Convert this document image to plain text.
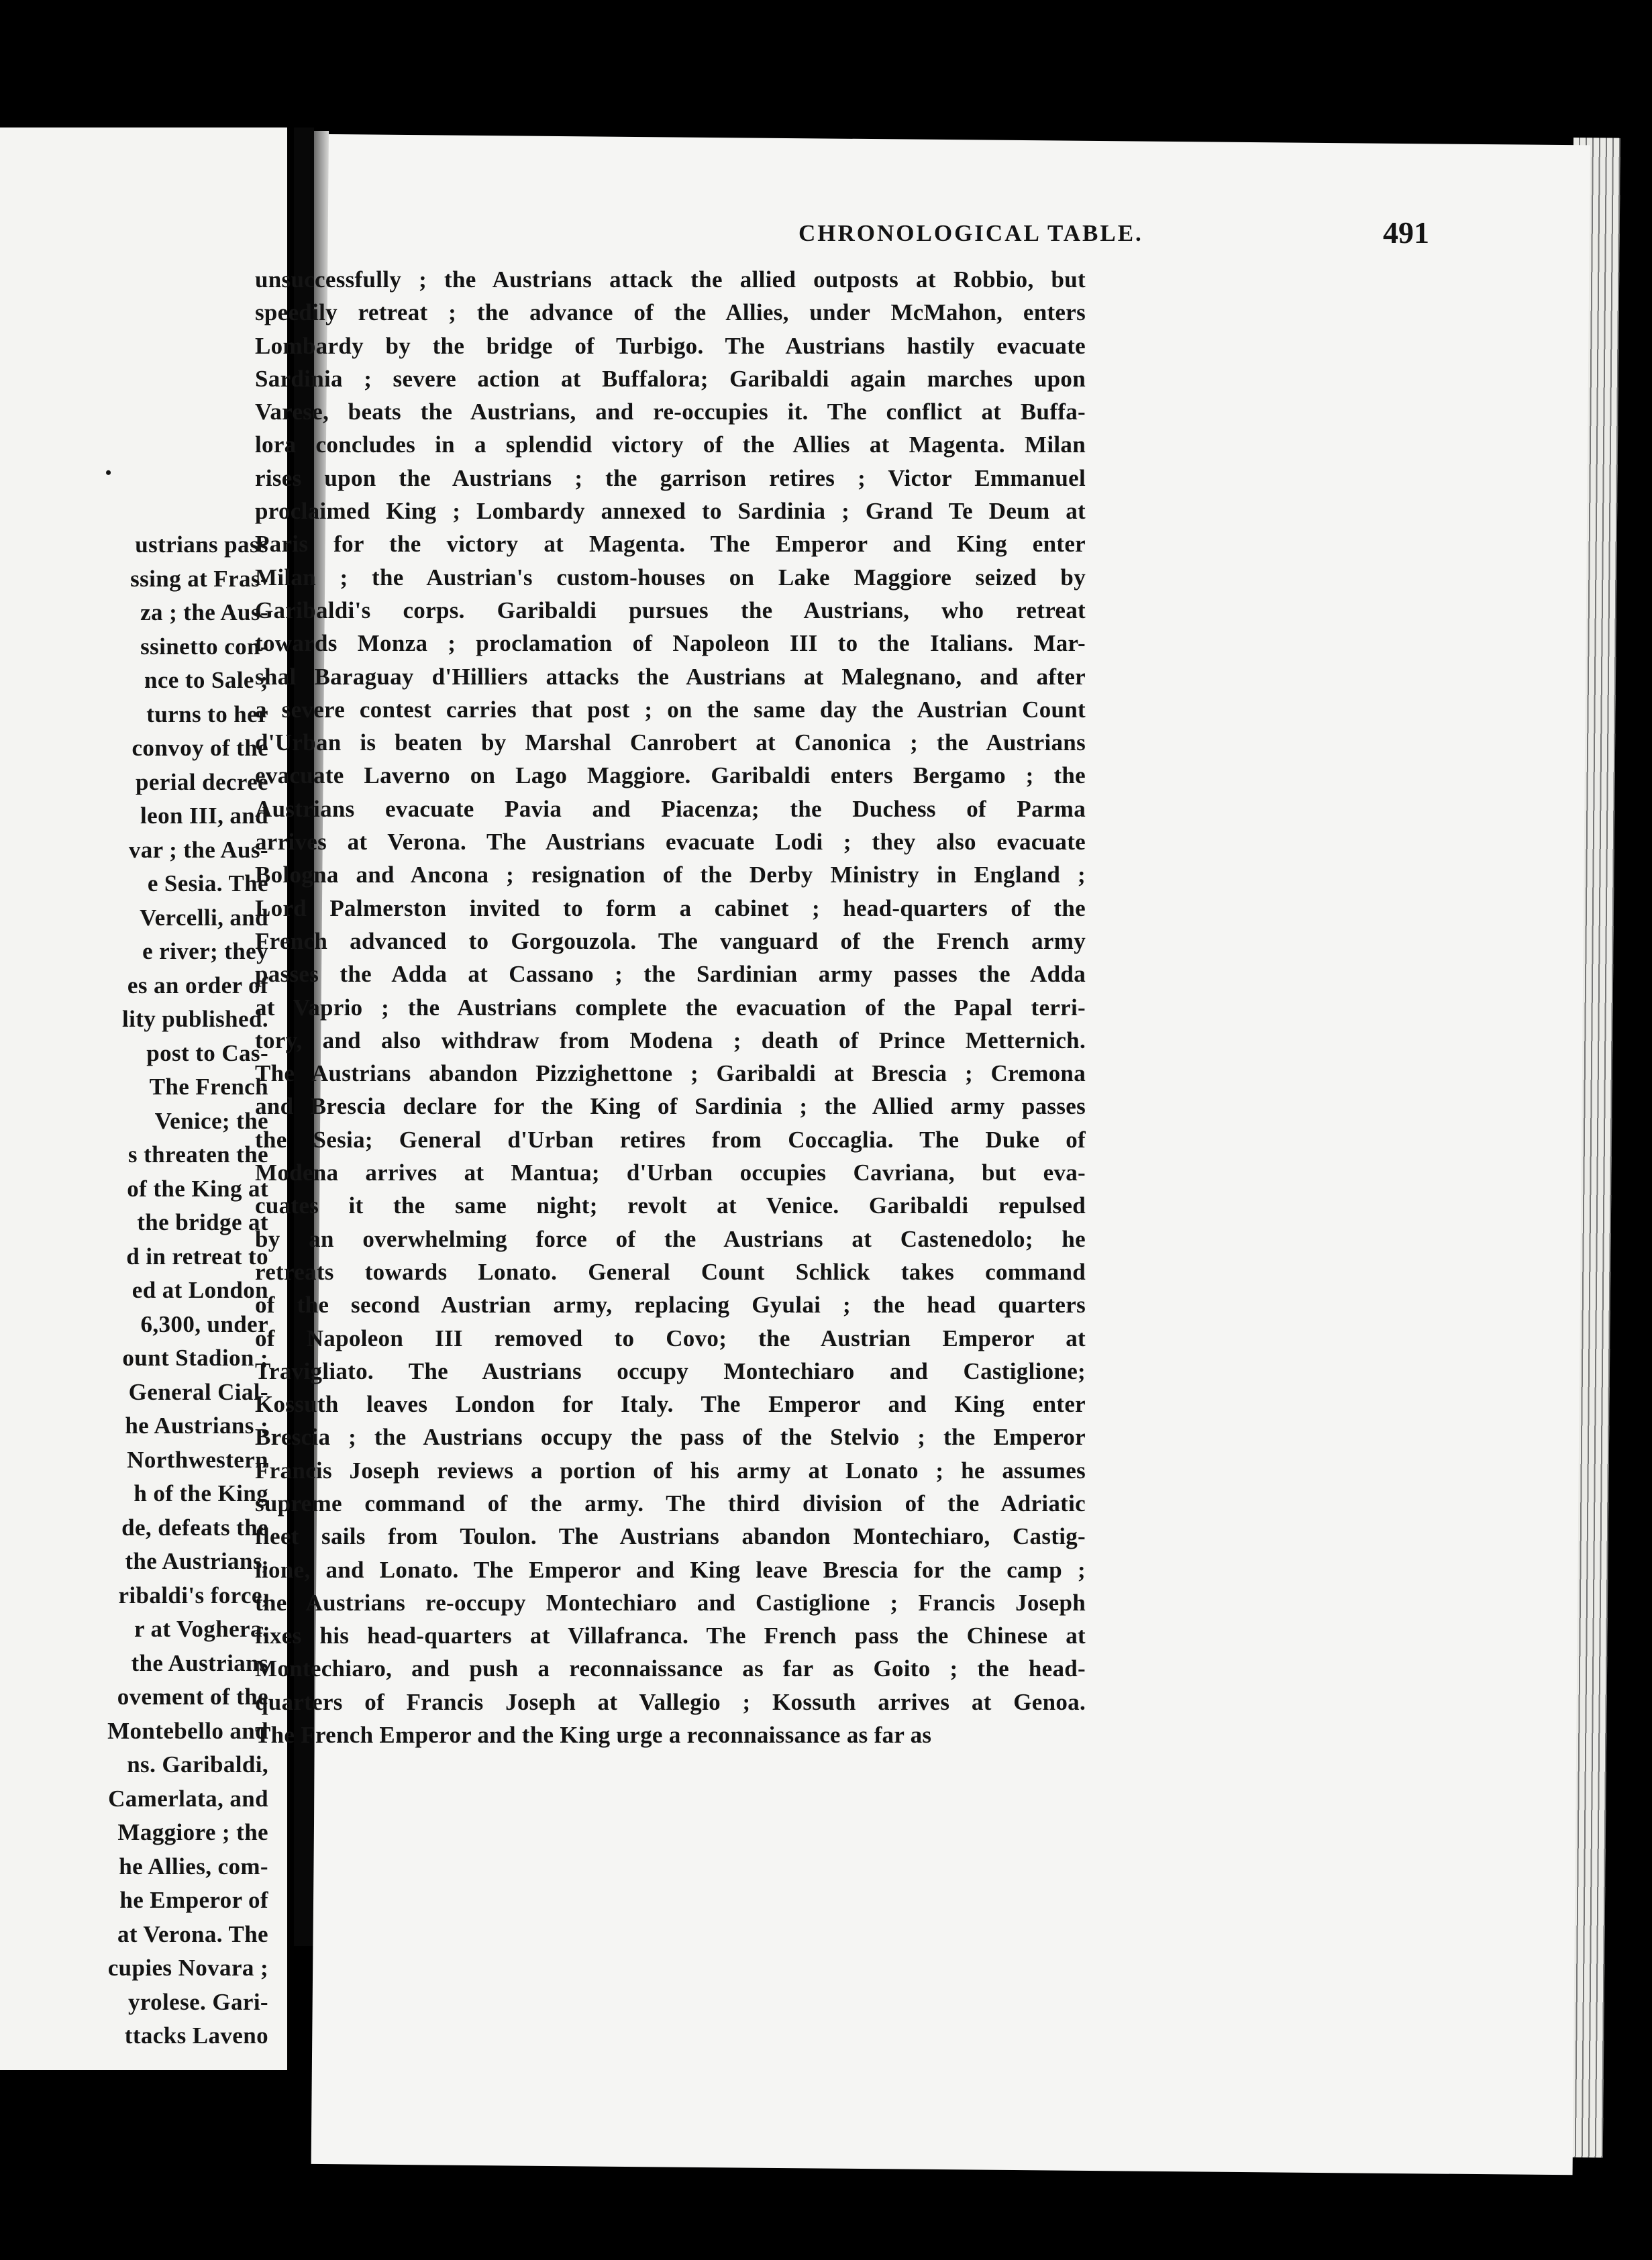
•
ustrians pass
ssing at Fras-
za ; the Aus-
ssinetto con-
nce to Sale ;
turns to her
convoy of the
perial decree
leon III, and
var ; the Aus-
e Sesia. The
Vercelli, and
e river; they
es an order of
lity published.
post to Cas-
The French
Venice; the
s threaten the
of the King at
the bridge at
d in retreat to
ed at London
6,300, under
ount Stadion ;
General Cial-
he Austrians ;
Northwestern
h of the King
de, defeats the
the Austrians,
ribaldi's force,
r at Voghera.
the Austrians
ovement of the
Montebello and
ns. Garibaldi,
Camerlata, and
Maggiore ; the
he Allies, com-
he Emperor of
at Verona. The
cupies Novara ;
yrolese. Gari-
ttacks Laveno
CHRONOLOGICAL TABLE.	491
unsuccessfully ; the Austrians attack the allied outposts at Robbio, but
speedily retreat ; the advance of the Allies, under McMahon, enters
Lombardy by the bridge of Turbigo. The Austrians hastily evacuate
Sardinia ; severe action at Buffalora; Garibaldi again marches upon
Varese, beats the Austrians, and re-occupies it. The conflict at Buffa-
lora concludes in a splendid victory of the Allies at Magenta. Milan
rises upon the Austrians ; the garrison retires ; Victor Emmanuel
proclaimed King ; Lombardy annexed to Sardinia ; Grand Te Deum at
Paris for the victory at Magenta. The Emperor and King enter
Milan ; the Austrian's custom-houses on Lake Maggiore seized by
Garibaldi's corps. Garibaldi pursues the Austrians, who retreat
towards Monza ; proclamation of Napoleon III to the Italians. Mar-
shal Baraguay d'Hilliers attacks the Austrians at Malegnano, and after
a severe contest carries that post ; on the same day the Austrian Count
d'Urban is beaten by Marshal Canrobert at Canonica ; the Austrians
evacuate Laverno on Lago Maggiore. Garibaldi enters Bergamo ; the
Austrians evacuate Pavia and Piacenza; the Duchess of Parma
arrives at Verona. The Austrians evacuate Lodi ; they also evacuate
Bologna and Ancona ; resignation of the Derby Ministry in England ;
Lord Palmerston invited to form a cabinet ; head-quarters of the
French advanced to Gorgouzola. The vanguard of the French army
passes the Adda at Cassano ; the Sardinian army passes the Adda
at Vaprio ; the Austrians complete the evacuation of the Papal terri-
tory, and also withdraw from Modena ; death of Prince Metternich.
The Austrians abandon Pizzighettone ; Garibaldi at Brescia ; Cremona
and Brescia declare for the King of Sardinia ; the Allied army passes
the Sesia; General d'Urban retires from Coccaglia. The Duke of
Modena arrives at Mantua; d'Urban occupies Cavriana, but eva-
cuates it the same night; revolt at Venice. Garibaldi repulsed
by an overwhelming force of the Austrians at Castenedolo; he
retreats towards Lonato. General Count Schlick takes command
of the second Austrian army, replacing Gyulai ; the head quarters
of Napoleon III removed to Covo; the Austrian Emperor at
Travigliato. The Austrians occupy Montechiaro and Castiglione;
Kossuth leaves London for Italy. The Emperor and King enter
Brescia ; the Austrians occupy the pass of the Stelvio ; the Emperor
Francis Joseph reviews a portion of his army at Lonato ; he assumes
supreme command of the army. The third division of the Adriatic
fleet sails from Toulon. The Austrians abandon Montechiaro, Castig-
lione, and Lonato. The Emperor and King leave Brescia for the camp ;
the Austrians re-occupy Montechiaro and Castiglione ; Francis Joseph
fixes his head-quarters at Villafranca. The French pass the Chinese at
Montechiaro, and push a reconnaissance as far as Goito ; the head-
quarters of Francis Joseph at Vallegio ; Kossuth arrives at Genoa.
The French Emperor and the King urge a reconnaissance as far as
